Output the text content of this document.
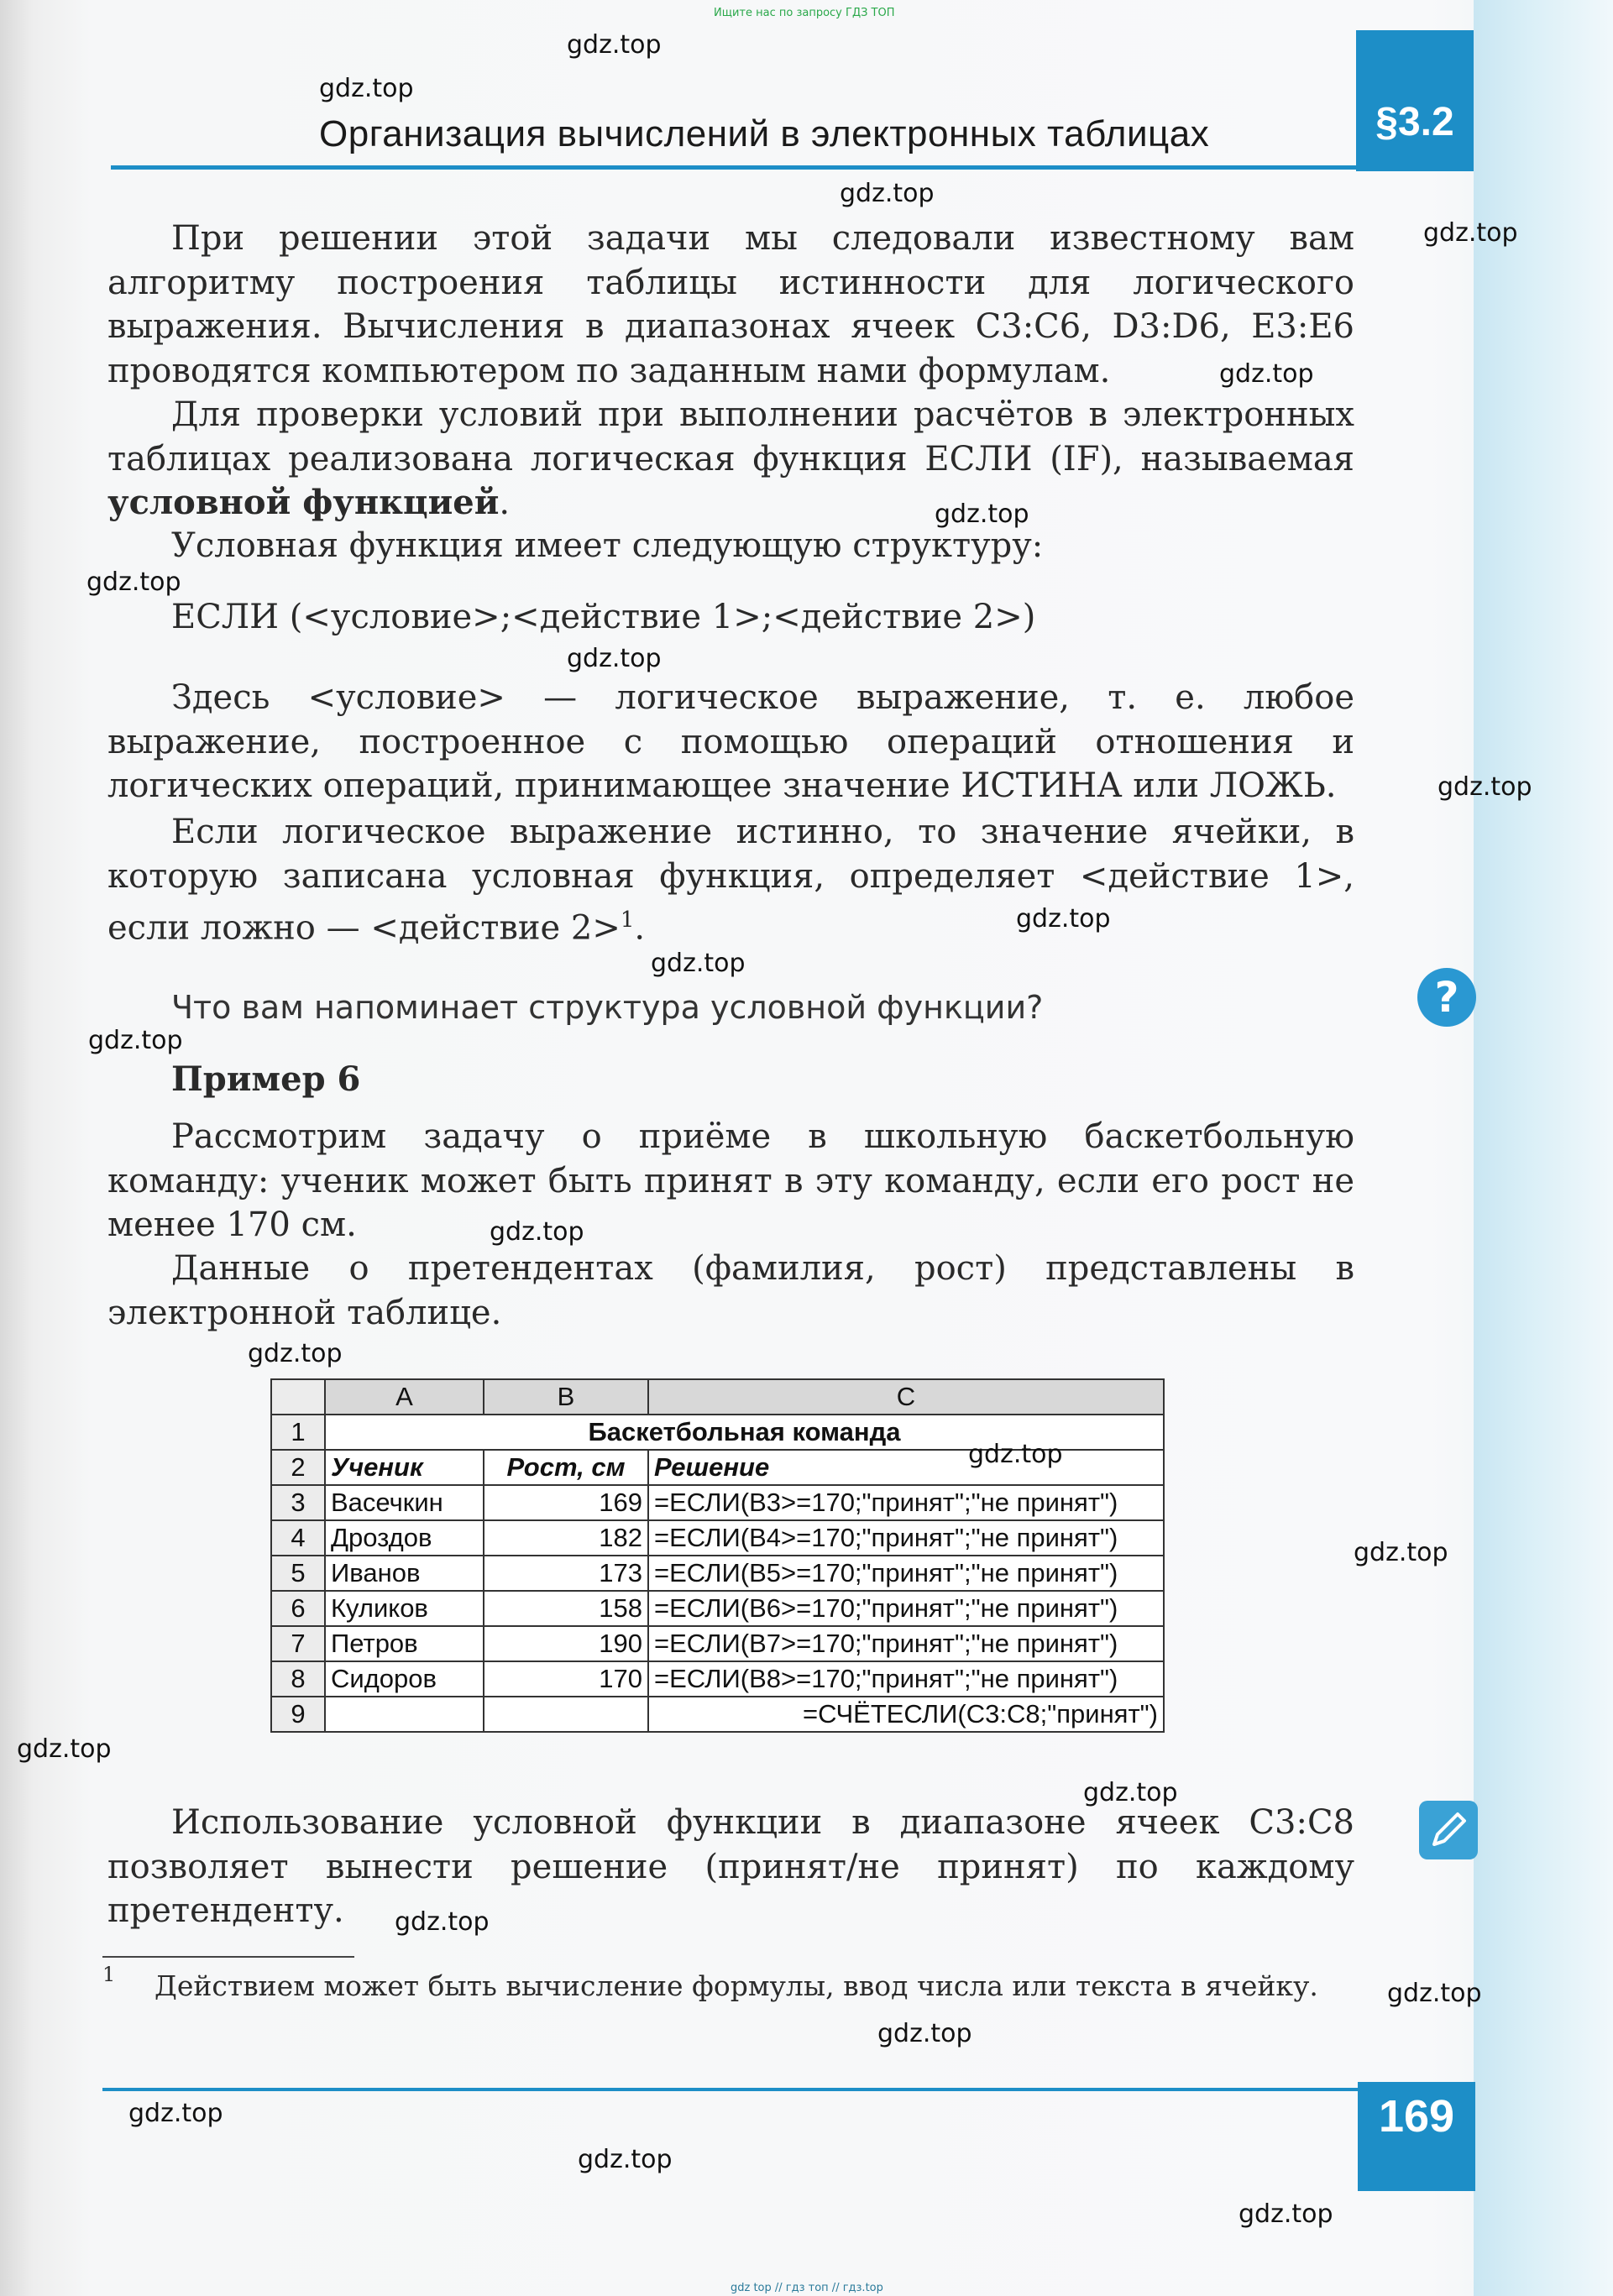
Ищите нас по запросу ГДЗ ТОП
§3.2
Организация вычислений в электронных таблицах
При решении этой задачи мы следовали известному вам алгоритму построения таблицы истинности для логического выражения. Вычисления в диапазонах ячеек C3:C6, D3:D6, E3:E6 проводятся компьютером по заданным нами формулам.
Для проверки условий при выполнении расчётов в электронных таблицах реализована логическая функция ЕСЛИ (IF), называемая условной функцией.
Условная функция имеет следующую структуру:
ЕСЛИ (<условие>;<действие 1>;<действие 2>)
Здесь <условие> — логическое выражение, т. е. любое выражение, построенное с помощью операций отношения и логических операций, принимающее значение ИСТИНА или ЛОЖЬ.
Если логическое выражение истинно, то значение ячейки, в которую записана условная функция, определяет <действие 1>, если ложно — <действие 2>$^1$.
Что вам напоминает структура условной функции?	?
Пример 6
Рассмотрим задачу о приёме в школьную баскетбольную команду: ученик может быть принят в эту команду, если его рост не менее 170 см.
Данные о претендентах (фамилия, рост) представлены в электронной таблице.
	A	B	C
1	Баскетбольная команда		
2	Ученик	Рост, см	Решение
3	Васечкин	169	=ЕСЛИ(B3>=170;"принят";"не принят")
4	Дроздов	182	=ЕСЛИ(B4>=170;"принят";"не принят")
5	Иванов	173	=ЕСЛИ(B5>=170;"принят";"не принят")
6	Куликов	158	=ЕСЛИ(B6>=170;"принят";"не принят")
7	Петров	190	=ЕСЛИ(B7>=170;"принят";"не принят")
8	Сидоров	170	=ЕСЛИ(B8>=170;"принят";"не принят")
9			=СЧЁТЕСЛИ(C3:C8;"принят")
Использование условной функции в диапазоне ячеек C3:C8 позволяет вынести решение (принят/не принят) по каждому претенденту.
1 Действием может быть вычисление формулы, ввод числа или текста в ячейку.
169
gdz top // гдз топ // гдз.top
gdz.top
gdz.top
gdz.top
gdz.top
gdz.top
gdz.top
gdz.top
gdz.top
gdz.top
gdz.top
gdz.top
gdz.top
gdz.top
gdz.top
gdz.top
gdz.top
gdz.top
gdz.top
gdz.top
gdz.top
gdz.top
gdz.top
gdz.top
gdz.top
